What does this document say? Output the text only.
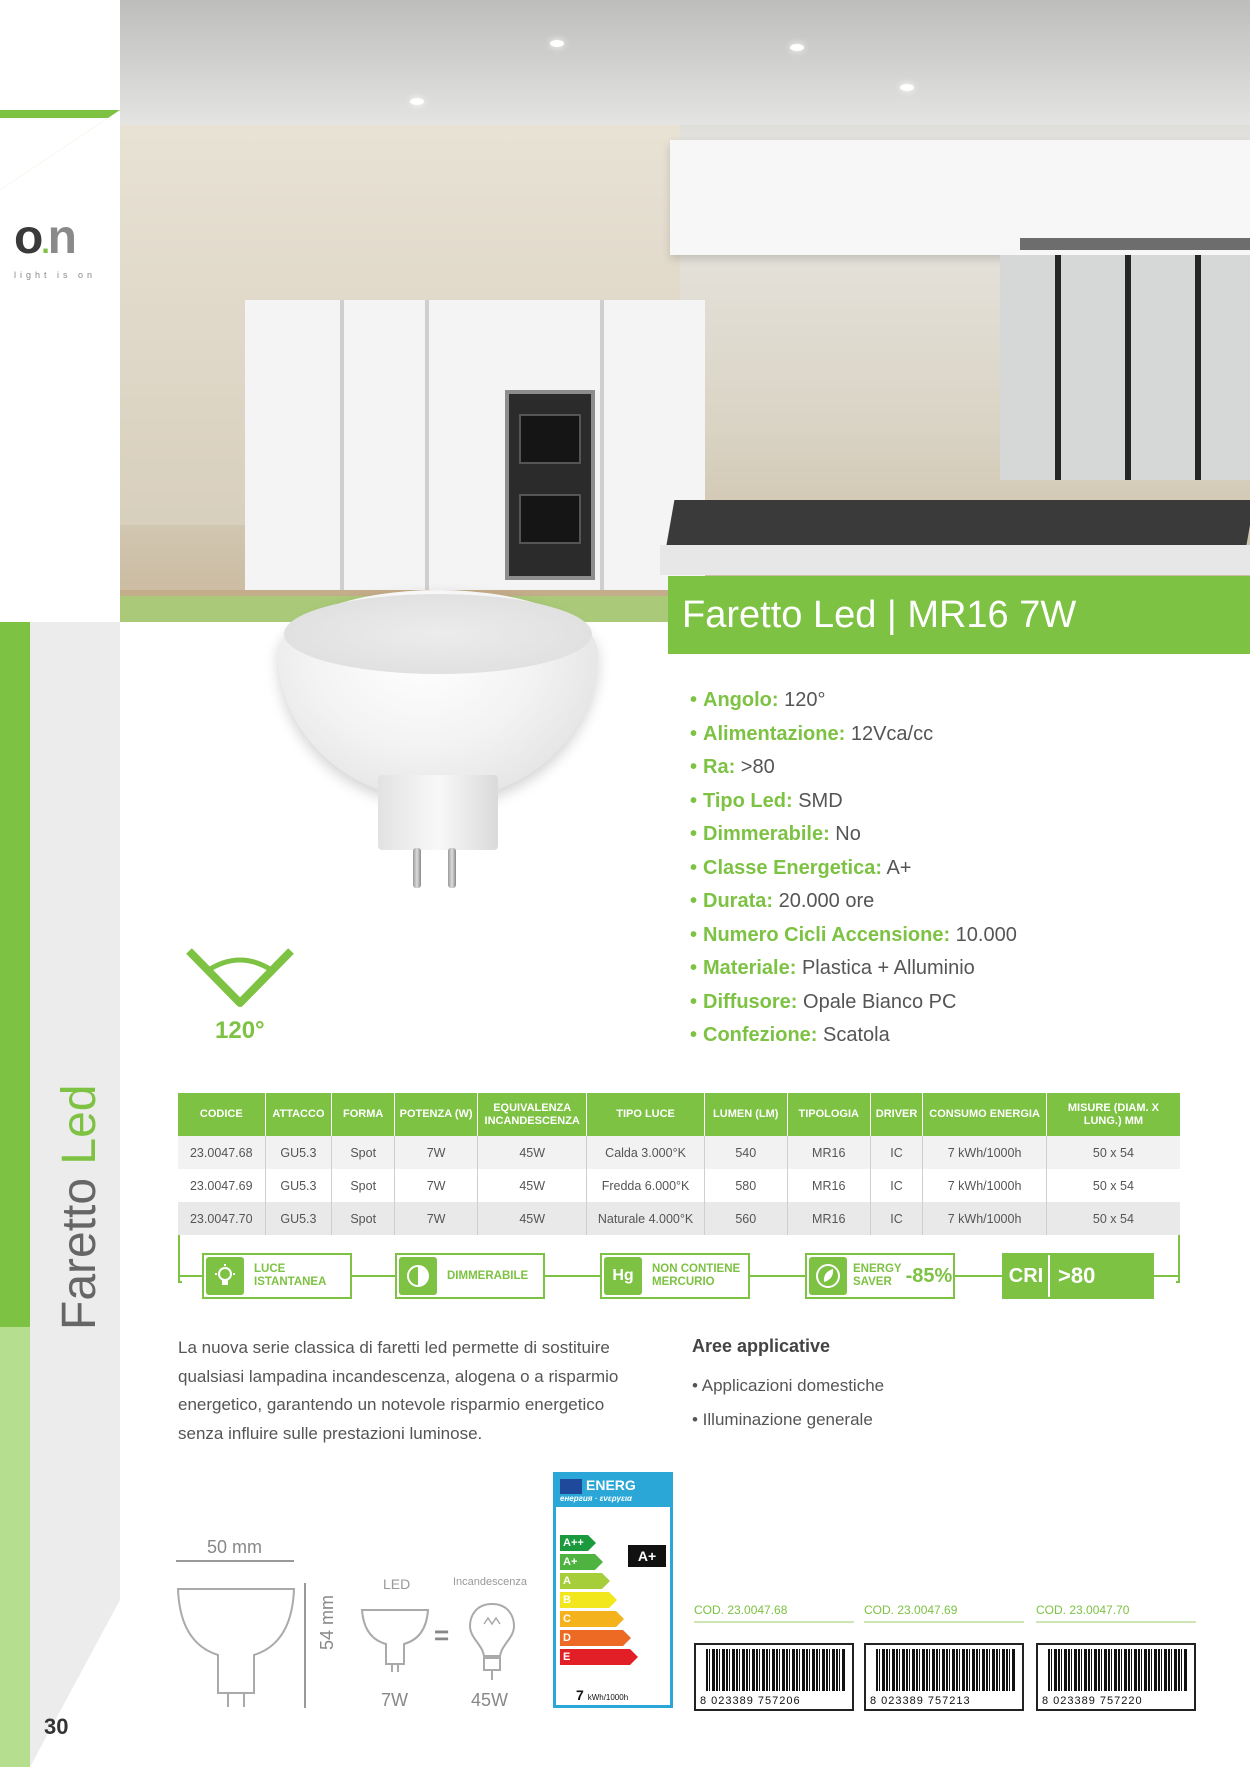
o.n
light is on
Faretto Led
30
Faretto Led | MR16 7W
120°
• Angolo: 120°
• Alimentazione: 12Vca/cc
• Ra: >80
• Tipo Led: SMD
• Dimmerabile: No
• Classe Energetica: A+
• Durata: 20.000 ore
• Numero Cicli Accensione: 10.000
• Materiale: Plastica + Alluminio
• Diffusore: Opale Bianco PC
• Confezione: Scatola
CODICE	ATTACCO	FORMA	POTENZA (W)	EQUIVALENZA INCANDESCENZA	TIPO LUCE	LUMEN (LM)	TIPOLOGIA	DRIVER	CONSUMO ENERGIA	MISURE (DIAM. X LUNG.) MM
23.0047.68	GU5.3	Spot	7W	45W	Calda 3.000°K	540	MR16	IC	7 kWh/1000h	50 x 54
23.0047.69	GU5.3	Spot	7W	45W	Fredda 6.000°K	580	MR16	IC	7 kWh/1000h	50 x 54
23.0047.70	GU5.3	Spot	7W	45W	Naturale 4.000°K	560	MR16	IC	7 kWh/1000h	50 x 54
LUCE
ISTANTANEA
DIMMERABILE	Hg	NON CONTIENE
MERCURIO
ENERGY
SAVER -85%	CRI >80
La nuova serie classica di faretti led permette di sostituire qualsiasi lampadina incandescenza, alogena o a risparmio energetico, garantendo un notevole risparmio energetico senza influire sulle prestazioni luminose.
Aree applicative
• Applicazioni domestiche
• Illuminazione generale
50 mm
54 mm
LED	Incandescenza
=
7W	45W
ENERG
енергия · ενεργεια
A++
A+
A
B
C
D
E
A+
7 kWh/1000h
COD. 23.0047.68
8 023389 757206
COD. 23.0047.69
8 023389 757213
COD. 23.0047.70
8 023389 757220
